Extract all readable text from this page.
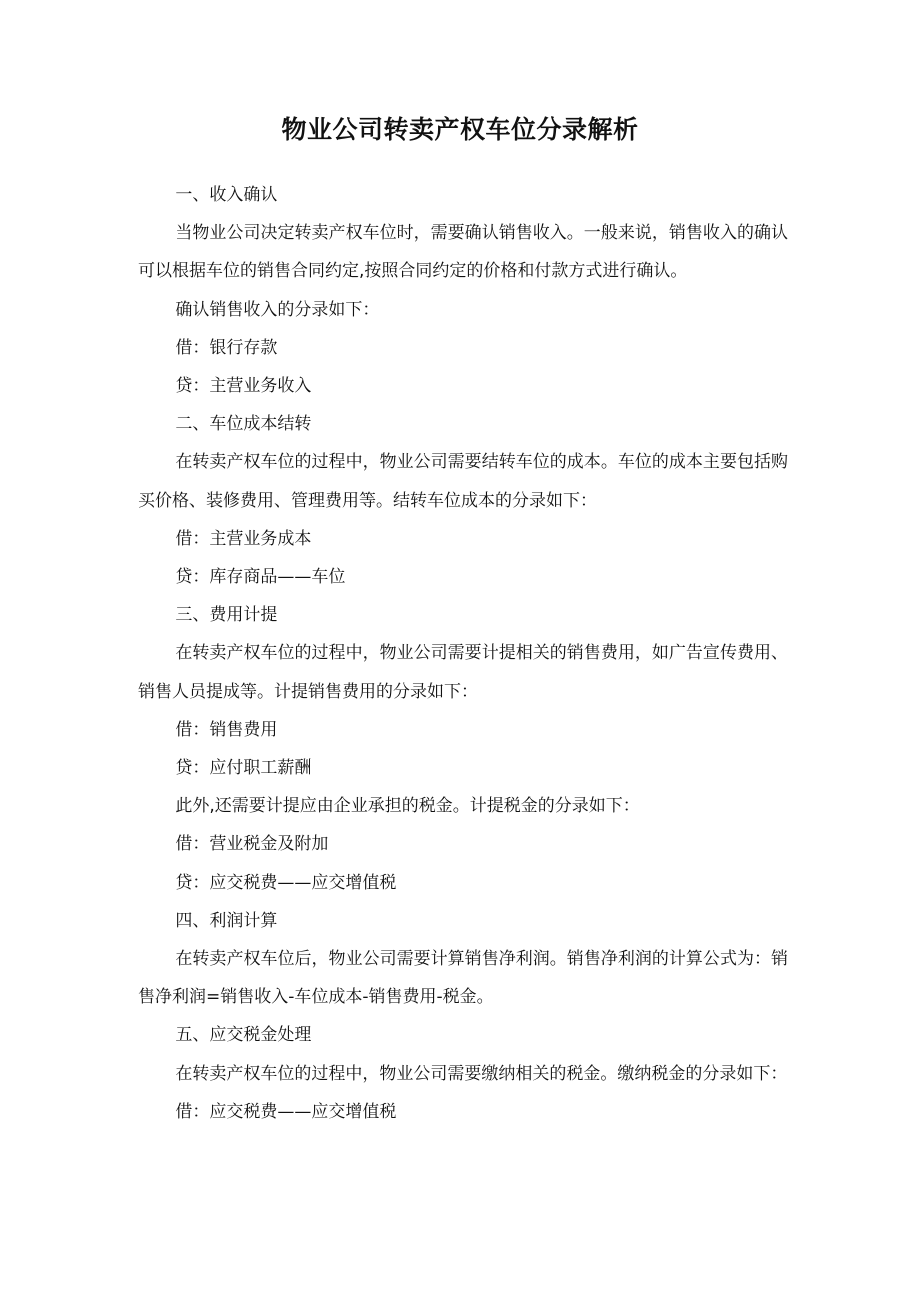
物业公司转卖产权车位分录解析

一、收入确认

当物业公司决定转卖产权车位时，需要确认销售收入。一般来说，销售收入的确认可以根据车位的销售合同约定,按照合同约定的价格和付款方式进行确认。

确认销售收入的分录如下：

借：银行存款

贷：主营业务收入

二、车位成本结转

在转卖产权车位的过程中，物业公司需要结转车位的成本。车位的成本主要包括购买价格、装修费用、管理费用等。结转车位成本的分录如下：

借：主营业务成本

贷：库存商品——车位

三、费用计提

在转卖产权车位的过程中，物业公司需要计提相关的销售费用，如广告宣传费用、销售人员提成等。计提销售费用的分录如下：

借：销售费用

贷：应付职工薪酬

此外,还需要计提应由企业承担的税金。计提税金的分录如下：

借：营业税金及附加

贷：应交税费——应交增值税

四、利润计算

在转卖产权车位后，物业公司需要计算销售净利润。销售净利润的计算公式为：销售净利润=销售收入-车位成本-销售费用-税金。

五、应交税金处理

在转卖产权车位的过程中，物业公司需要缴纳相关的税金。缴纳税金的分录如下：

借：应交税费——应交增值税
